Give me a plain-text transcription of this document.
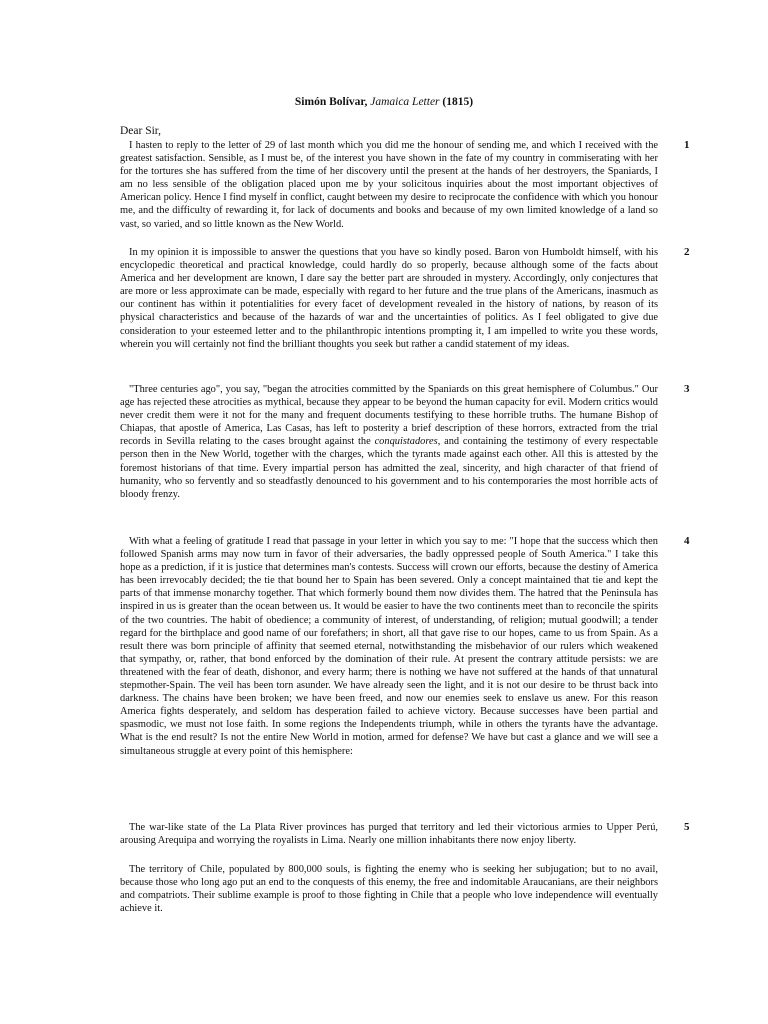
Simón Bolívar, Jamaica Letter (1815)
Dear Sir,

I hasten to reply to the letter of 29 of last month which you did me the honour of sending me, and which I received with the greatest satisfaction. Sensible, as I must be, of the interest you have shown in the fate of my country in commiserating with her for the tortures she has suffered from the time of her discovery until the present at the hands of her destroyers, the Spaniards, I am no less sensible of the obligation placed upon me by your solicitous inquiries about the most important objectives of American policy. Hence I find myself in conflict, caught between my desire to reciprocate the confidence with which you honour me, and the difficulty of rewarding it, for lack of documents and books and because of my own limited knowledge of a land so vast, so varied, and so little known as the New World.

1

In my opinion it is impossible to answer the questions that you have so kindly posed. Baron von Humboldt himself, with his encyclopedic theoretical and practical knowledge, could hardly do so properly, because although some of the facts about America and her development are known, I dare say the better part are shrouded in mystery. Accordingly, only conjectures that are more or less approximate can be made, especially with regard to her future and the true plans of the Americans, inasmuch as our continent has within it potentialities for every facet of development revealed in the history of nations, by reason of its physical characteristics and because of the hazards of war and the uncertainties of politics. As I feel obligated to give due consideration to your esteemed letter and to the philanthropic intentions prompting it, I am impelled to write you these words, wherein you will certainly not find the brilliant thoughts you seek but rather a candid statement of my ideas.

2

"Three centuries ago", you say, "began the atrocities committed by the Spaniards on this great hemisphere of Columbus." Our age has rejected these atrocities as mythical, because they appear to be beyond the human capacity for evil. Modern critics would never credit them were it not for the many and frequent documents testifying to these horrible truths. The humane Bishop of Chiapas, that apostle of America, Las Casas, has left to posterity a brief description of these horrors, extracted from the trial records in Sevilla relating to the cases brought against the conquistadores, and containing the testimony of every respectable person then in the New World, together with the charges, which the tyrants made against each other. All this is attested by the foremost historians of that time. Every impartial person has admitted the zeal, sincerity, and high character of that friend of humanity, who so fervently and so steadfastly denounced to his government and to his contemporaries the most horrible acts of bloody frenzy.

3

With what a feeling of gratitude I read that passage in your letter in which you say to me: "I hope that the success which then followed Spanish arms may now turn in favor of their adversaries, the badly oppressed people of South America." I take this hope as a prediction, if it is justice that determines man's contests. Success will crown our efforts, because the destiny of America has been irrevocably decided; the tie that bound her to Spain has been severed. Only a concept maintained that tie and kept the parts of that immense monarchy together. That which formerly bound them now divides them. The hatred that the Peninsula has inspired in us is greater than the ocean between us. It would be easier to have the two continents meet than to reconcile the spirits of the two countries. The habit of obedience; a community of interest, of understanding, of religion; mutual goodwill; a tender regard for the birthplace and good name of our forefathers; in short, all that gave rise to our hopes, came to us from Spain. As a result there was born principle of affinity that seemed eternal, notwithstanding the misbehavior of our rulers which weakened that sympathy, or, rather, that bond enforced by the domination of their rule. At present the contrary attitude persists: we are threatened with the fear of death, dishonor, and every harm; there is nothing we have not suffered at the hands of that unnatural stepmother-Spain. The veil has been torn asunder. We have already seen the light, and it is not our desire to be thrust back into darkness. The chains have been broken; we have been freed, and now our enemies seek to enslave us anew. For this reason America fights desperately, and seldom has desperation failed to achieve victory. Because successes have been partial and spasmodic, we must not lose faith. In some regions the Independents triumph, while in others the tyrants have the advantage. What is the end result? Is not the entire New World in motion, armed for defense? We have but cast a glance and we will see a simultaneous struggle at every point of this hemisphere:

4

The war-like state of the La Plata River provinces has purged that territory and led their victorious armies to Upper Perú, arousing Arequipa and worrying the royalists in Lima. Nearly one million inhabitants there now enjoy liberty.

5

The territory of Chile, populated by 800,000 souls, is fighting the enemy who is seeking her subjugation; but to no avail, because those who long ago put an end to the conquests of this enemy, the free and indomitable Araucanians, are their neighbors and compatriots. Their sublime example is proof to those fighting in Chile that a people who love independence will eventually achieve it.
